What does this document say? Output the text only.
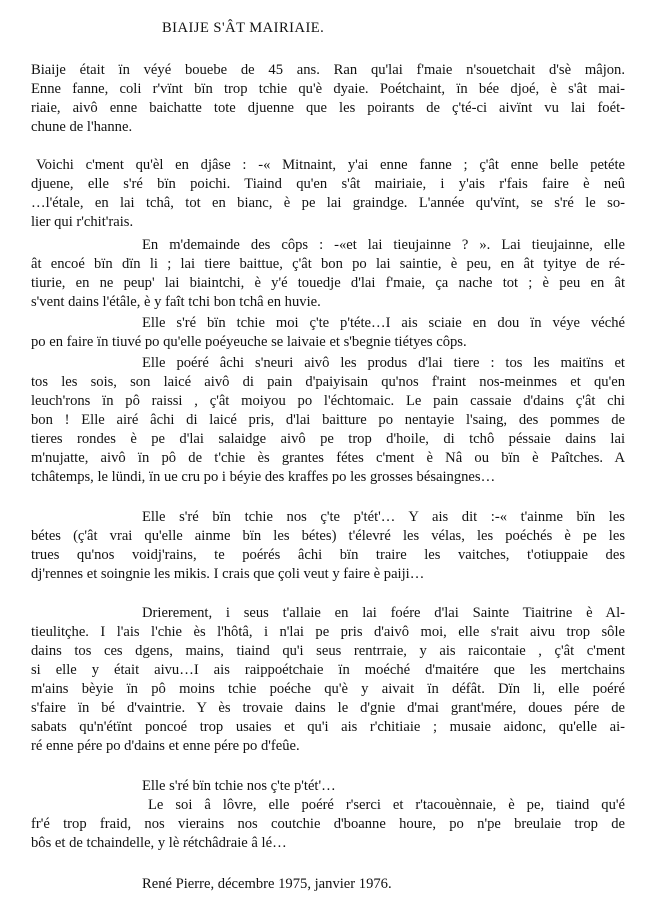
BIAIJE S'ÂT MAIRIAIE.
Biaije était ïn véyé bouebe de 45 ans. Ran qu'lai f'maie n'souetchait d'sè mâjon.
Enne fanne, coli r'vïnt bïn trop tchie qu'è dyaie. Poétchaint, ïn bée djoé, è s'ât mai-
riaie, aivô enne baichatte tote djuenne que les poirants de ç'té-ci aivïnt vu lai foét-
chune de l'hanne.
Voichi c'ment qu'èl en djâse : -« Mitnaint, y'ai enne fanne ; ç'ât enne belle petéte
djuene, elle s'ré bïn poichi. Tiaind qu'en s'ât mairiaie, i y'ais r'fais faire è neû
…l'étale, en lai tchâ, tot en bianc, è pe lai graindge. L'année qu'vïnt, se s'ré le so-
lier qui r'chit'rais.
En m'demainde des côps : -«et lai tieujainne ? ». Lai tieujainne, elle
ât encoé bïn dïn li ; lai tiere baittue, ç'ât bon po lai saintie, è peu, en ât tyitye de ré-
tiurie, en ne peup' lai biaintchi, è y'é touedje d'lai f'maie, ça nache tot ; è peu en ât
s'vent dains l'étâle, è y faît tchi bon tchâ en huvie.
Elle s'ré bïn tchie moi ç'te p'téte…I ais sciaie en dou ïn véye véché
po en faire ïn tiuvé po qu'elle poéyeuche se laivaie et s'begnie tiétyes côps.
Elle poéré âchi s'neuri aivô les produs d'lai tiere : tos les maitïns et
tos les sois, son laicé aivô di pain d'paiyisain qu'nos f'raint nos-meinmes et qu'en
leuch'rons ïn pô raissi , ç'ât moiyou po l'échtomaic. Le pain cassaie d'dains ç'ât chi
bon ! Elle airé âchi di laicé pris, d'lai baitture po nentayie l'saing, des pommes de
tieres rondes è pe d'lai salaidge aivô pe trop d'hoile, di tchô péssaie dains lai
m'nujatte, aivô ïn pô de t'chie ès grantes fétes c'ment è Nâ ou bïn è Paîtches. A
tchâtemps, le lündi, ïn ue cru po i béyie des kraffes po les grosses bésaingnes…
Elle s'ré bïn tchie nos ç'te p'tét'… Y ais dit :-« t'ainme bïn les
bétes (ç'ât vrai qu'elle ainme bïn les bétes) t'élevré les vélas, les poéchés è pe les
trues qu'nos voidj'rains, te poérés âchi bïn traire les vaitches, t'otiuppaie des
dj'rennes et soingnie les mikis. I crais que çoli veut y faire è paiji…
Drierement, i seus t'allaie en lai foére d'lai Sainte Tiaitrine è Al-
tieulitçhe. I l'ais l'chie ès l'hôtâ, i n'lai pe pris d'aivô moi, elle s'rait aivu trop sôle
dains tos ces dgens, mains, tiaind qu'i seus rentrraie, y ais raicontaie , ç'ât c'ment
si elle y était aivu…I ais raippoétchaie ïn moéché d'maitére que les mertchains
m'ains bèyie ïn pô moins tchie poéche qu'è y aivait ïn défât. Dïn li, elle poéré
s'faire ïn bé d'vaintrie. Y ès trovaie dains le d'gnie d'mai grant'mére, doues pére de
sabats qu'n'étïnt poncoé trop usaies et qu'i ais r'chitiaie ; musaie aidonc, qu'elle ai-
ré enne pére po d'dains et enne pére po d'feûe.
Elle s'ré bïn tchie nos ç'te p'tét'…
Le soi â lôvre, elle poéré r'serci et r'tacouènnaie, è pe, tiaind qu'é
fr'é trop fraid, nos vierains nos coutchie d'boanne houre, po n'pe breulaie trop de
bôs et de tchaindelle, y lè rétchâdraie â lé…
René Pierre, décembre 1975, janvier 1976.
